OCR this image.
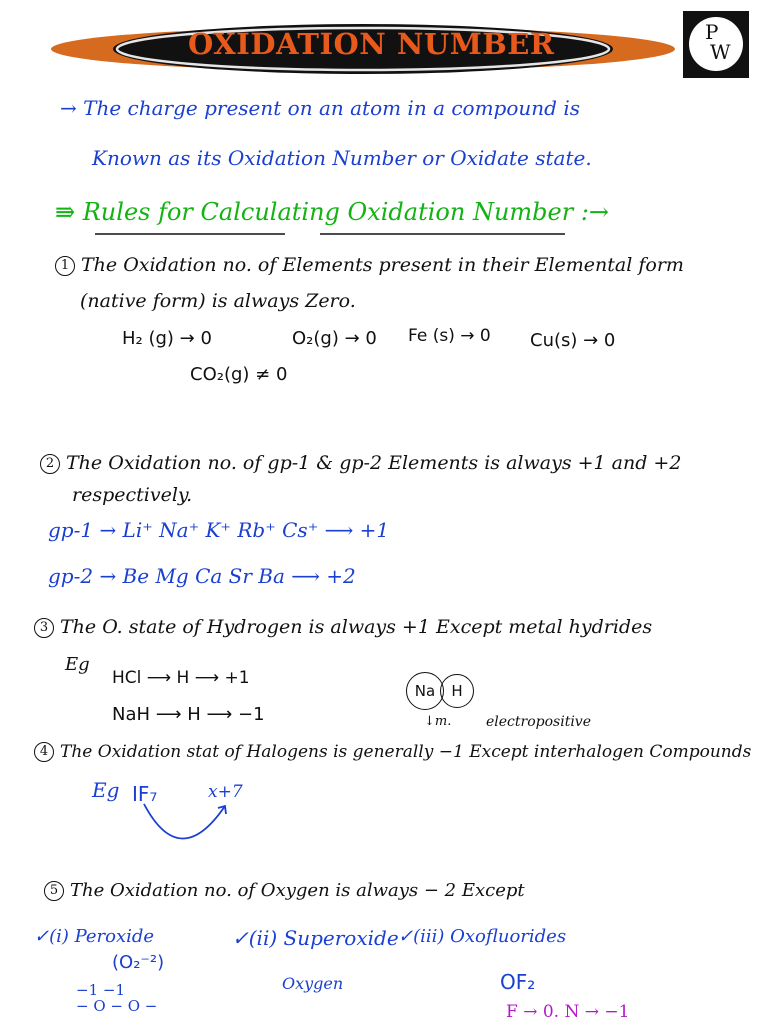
OXIDATION NUMBER	P
W
→ The charge present on an atom in a compound is
Known as its Oxidation Number or Oxidate state.
⇛ Rules for Calculating Oxidation Number :→
1 The Oxidation no. of Elements present in their Elemental form
(native form) is always Zero.
H₂ (g) → 0	O₂(g) → 0 Fe (s) → 0 Cu(s) → 0
CO₂(g) ≠ 0
2 The Oxidation no. of gp-1 & gp-2 Elements is always +1 and +2
respectively.
gp-1 → Li⁺ Na⁺ K⁺ Rb⁺ Cs⁺ ⟶ +1
gp-2 → Be Mg Ca Sr Ba ⟶ +2
3 The O. state of Hydrogen is always +1 Except metal hydrides
Eg
HCl ⟶ H ⟶ +1
NaH ⟶ H ⟶ −1
Na	H
↓m. electropositive
4 The Oxidation stat of Halogens is generally −1 Except interhalogen Compounds
Eg IF₇	x+7
5 The Oxidation no. of Oxygen is always − 2 Except
✓(i) Peroxide	✓(ii) Superoxide ✓(iii) Oxofluorides
(O₂⁻²)
−1 −1
− O − O −
Oxygen	OF₂
F → 0. N → −1
